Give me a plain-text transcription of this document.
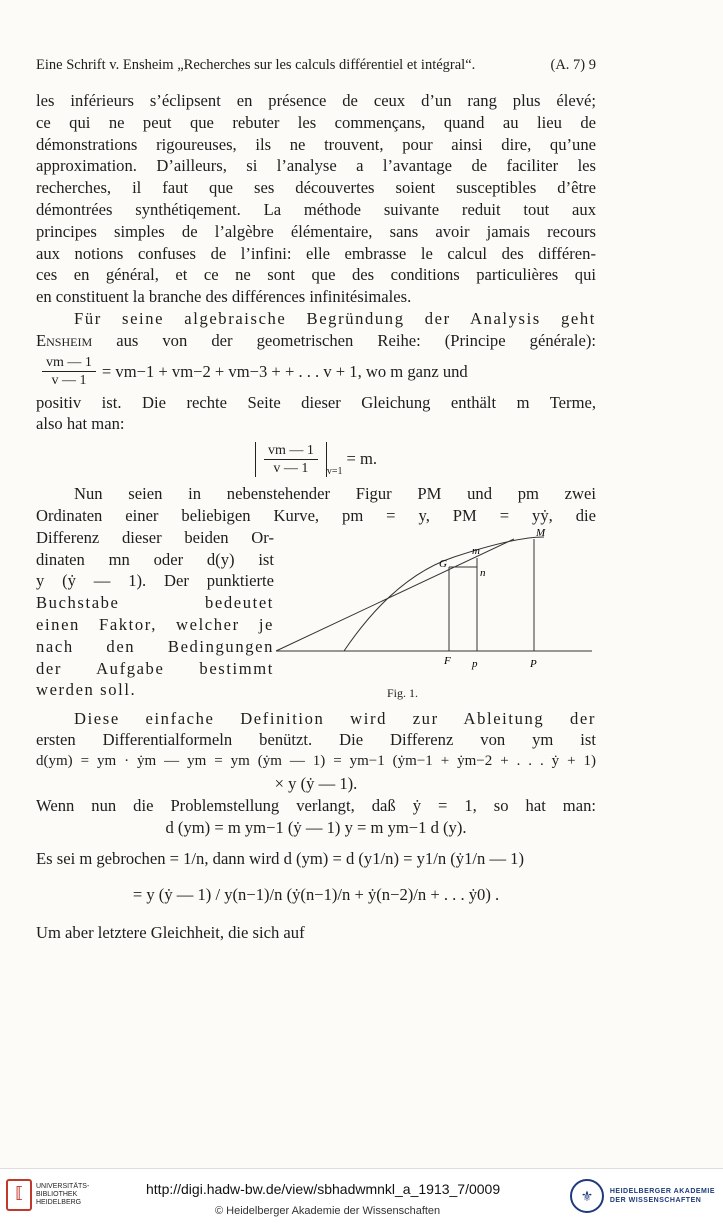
Eine Schrift v. Ensheim „Recherches sur les calculs différentiel et intégral“.	(A. 7) 9
les inférieurs s’éclipsent en présence de ceux d’un rang plus élevé;
ce qui ne peut que rebuter les commençans, quand au lieu de
démonstrations rigoureuses, ils ne trouvent, pour ainsi dire, qu’une
approximation. D’ailleurs, si l’analyse a l’avantage de faciliter les
recherches, il faut que ses découvertes soient susceptibles d’être
démontrées synthétiqement. La méthode suivante reduit tout aux
principes simples de l’algèbre élémentaire, sans avoir jamais recours
aux notions confuses de l’infini: elle embrasse le calcul des différen-
ces en général, et ce ne sont que des conditions particulières qui
en constituent la branche des différences infinitésimales.
Für seine algebraische Begründung der Analysis geht
Ensheim aus von der geometrischen Reihe: (Principe générale):
$\frac{vm — 1}{v — 1} = vm-1 + vm-2 + vm-3$ + + . . . v + 1, wo m ganz und
positiv ist. Die rechte Seite dieser Gleichung enthält m Terme,
also hat man:
$\frac{vm — 1}{v — 1} v=1$
= m.
Nun seien in nebenstehender Figur PM und pm zwei
Ordinaten einer beliebigen Kurve, pm = y, PM = yẏ, die
Differenz dieser beiden Or-
dinaten mn oder d(y) ist
y (ẏ — 1). Der punktierte
Buchstabe bedeutet
einen Faktor, welcher je
nach den Bedingungen
der Aufgabe bestimmt
werden soll.
M
m
G
n
F p	P
Fig. 1.
Diese einfache Definition wird zur Ableitung der
ersten Differentialformeln benützt. Die Differenz von ym ist
d(ym) = ym · ẏm — ym = ym (ẏm — 1) = ym−1 (ẏm−1 + ẏm−2 + . . . ẏ + 1)
× y (ẏ — 1).
Wenn nun die Problemstellung verlangt, daß ẏ = 1, so hat man:
d (ym) = m ym−1 (ẏ — 1) y = m ym−1 d (y).
Es sei m gebrochen = 1/n, dann wird d (ym) = d (y1/n) = y1/n (ẏ1/n — 1)
= y (ẏ — 1) / y(n−1)/n (ẏ(n−1)/n + ẏ(n−2)/n + . . . ẏ0) .
Um aber letztere Gleichheit, die sich auf
⟦	UNIVERSITÄTS-
BIBLIOTHEK
HEIDELBERG
http://digi.hadw-bw.de/view/sbhadwmnkl_a_1913_7/0009
© Heidelberger Akademie der Wissenschaften
⚜	HEIDELBERGER AKADEMIE
DER WISSENSCHAFTEN
